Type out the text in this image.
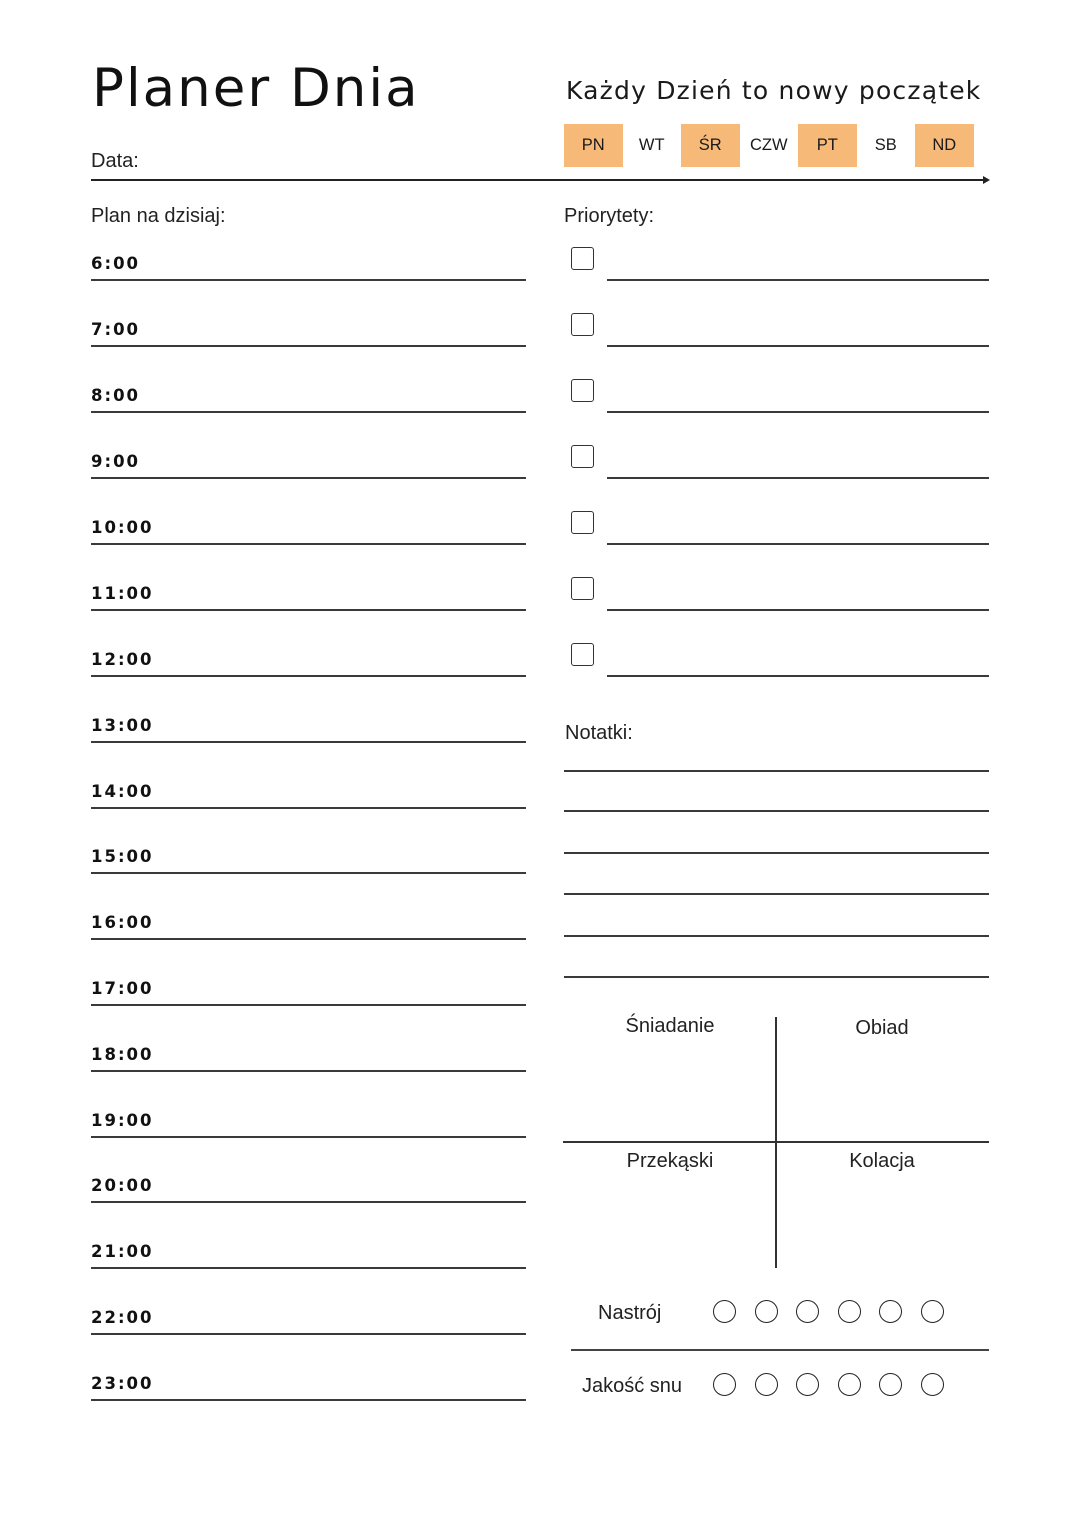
Planer Dnia
Data:
Każdy Dzień to nowy początek
PN	WT	ŚR	CZW	PT	SB	ND
Plan na dzisiaj:
6:00
7:00
8:00
9:00
10:00
11:00
12:00
13:00
14:00
15:00
16:00
17:00
18:00
19:00
20:00
21:00
22:00
23:00
Priorytety:
Notatki:
Śniadanie	Obiad
Przekąski	Kolacja
Nastrój
Jakość snu
